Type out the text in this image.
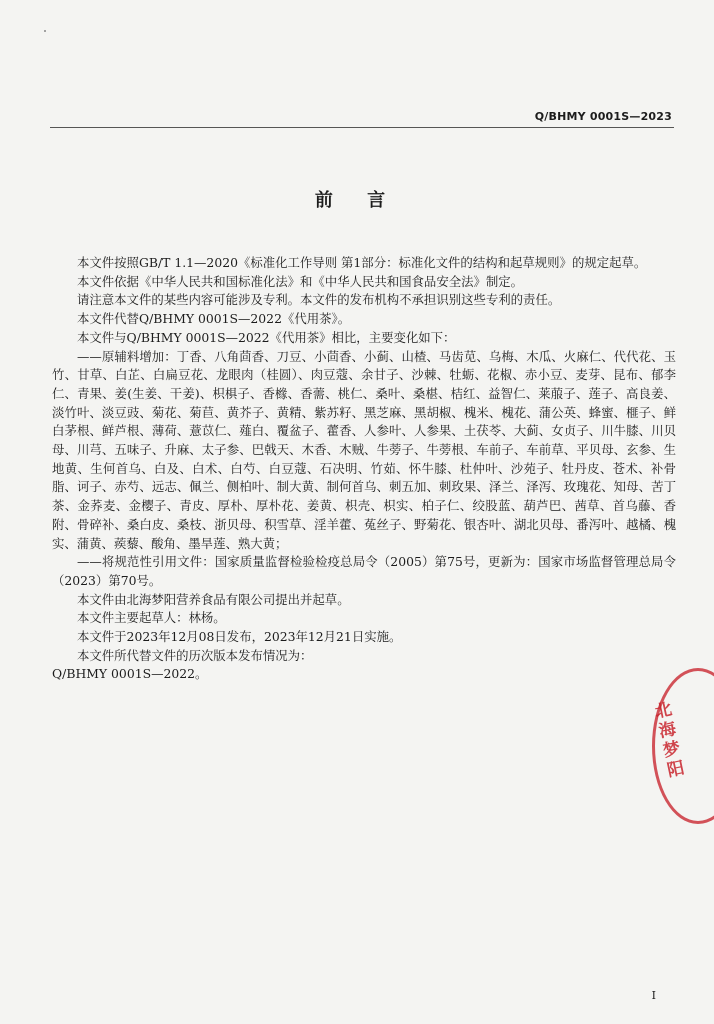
Q/BHMY 0001S—2023
前 言

本文件按照GB/T 1.1—2020《标准化工作导则 第1部分：标准化文件的结构和起草规则》的规定起草。

本文件依据《中华人民共和国标准化法》和《中华人民共和国食品安全法》制定。

请注意本文件的某些内容可能涉及专利。本文件的发布机构不承担识别这些专利的责任。

本文件代替Q/BHMY 0001S—2022《代用茶》。

本文件与Q/BHMY 0001S—2022《代用茶》相比，主要变化如下：

——原辅料增加：丁香、八角茴香、刀豆、小茴香、小蓟、山楂、马齿苋、乌梅、木瓜、火麻仁、代代花、玉竹、甘草、白芷、白扁豆花、龙眼肉（桂圆）、肉豆蔻、余甘子、沙棘、牡蛎、花椒、赤小豆、麦芽、昆布、郁李仁、青果、姜(生姜、干姜)、枳椇子、香橼、香薷、桃仁、桑叶、桑椹、桔红、益智仁、莱菔子、莲子、高良姜、淡竹叶、淡豆豉、菊花、菊苣、黄芥子、黄精、紫苏籽、黑芝麻、黑胡椒、槐米、槐花、蒲公英、蜂蜜、榧子、鲜白茅根、鲜芦根、薄荷、薏苡仁、薤白、覆盆子、藿香、人参叶、人参果、土茯苓、大蓟、女贞子、川牛膝、川贝母、川芎、五味子、升麻、太子参、巴戟天、木香、木贼、牛蒡子、牛蒡根、车前子、车前草、平贝母、玄参、生地黄、生何首乌、白及、白术、白芍、白豆蔻、石决明、竹茹、怀牛膝、杜仲叶、沙苑子、牡丹皮、苍术、补骨脂、诃子、赤芍、远志、佩兰、侧柏叶、制大黄、制何首乌、刺五加、刺玫果、泽兰、泽泻、玫瑰花、知母、苦丁茶、金荞麦、金樱子、青皮、厚朴、厚朴花、姜黄、枳壳、枳实、柏子仁、绞股蓝、葫芦巴、茜草、首乌藤、香附、骨碎补、桑白皮、桑枝、浙贝母、积雪草、淫羊藿、菟丝子、野菊花、银杏叶、湖北贝母、番泻叶、越橘、槐实、蒲黄、蒺藜、酸角、墨旱莲、熟大黄；

——将规范性引用文件：国家质量监督检验检疫总局令（2005）第75号，更新为：国家市场监督管理总局令（2023）第70号。

本文件由北海梦阳营养食品有限公司提出并起草。

本文件主要起草人：林杨。

本文件于2023年12月08日发布，2023年12月21日实施。

本文件所代替文件的历次版本发布情况为：

Q/BHMY 0001S—2022。

北海梦阳
I
